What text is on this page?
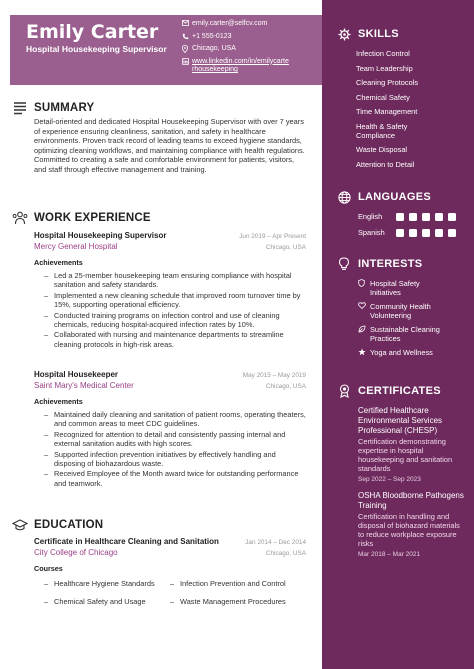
Emily Carter
Hospital Housekeeping Supervisor
emily.carter@selfcv.com
+1 555-0123
Chicago, USA
www.linkedin.com/in/emilycarte
rhousekeeping
SUMMARY
Detail-oriented and dedicated Hospital Housekeeping Supervisor with over 7 years of experience ensuring cleanliness, sanitation, and safety in healthcare environments. Proven track record of leading teams to exceed hygiene standards, optimizing cleaning workflows, and maintaining compliance with health regulations. Committed to creating a safe and comfortable environment for patients, visitors, and staff through effective management and training.
WORK EXPERIENCE
Hospital Housekeeping Supervisor	Jun 2019 – Apr Present
Mercy General Hospital	Chicago, USA
Achievements
– Led a 25-member housekeeping team ensuring compliance with hospital sanitation and safety standards.
– Implemented a new cleaning schedule that improved room turnover time by 15%, supporting operational efficiency.
– Conducted training programs on infection control and use of cleaning chemicals, reducing hospital-acquired infection rates by 10%.
– Collaborated with nursing and maintenance departments to streamline cleaning protocols in high-risk areas.
Hospital Housekeeper	May 2015 – May 2019
Saint Mary's Medical Center	Chicago, USA
Achievements
– Maintained daily cleaning and sanitation of patient rooms, operating theaters, and common areas to meet CDC guidelines.
– Recognized for attention to detail and consistently passing internal and external sanitation audits with high scores.
– Supported infection prevention initiatives by effectively handling and disposing of biohazardous waste.
– Received Employee of the Month award twice for outstanding performance and teamwork.
EDUCATION
Certificate in Healthcare Cleaning and Sanitation	Jan 2014 – Dec 2014
City College of Chicago	Chicago, USA
Courses
– Healthcare Hygiene Standards	– Infection Prevention and Control
– Chemical Safety and Usage	– Waste Management Procedures
SKILLS
Infection Control
Team Leadership
Cleaning Protocols
Chemical Safety
Time Management
Health & Safety Compliance
Waste Disposal
Attention to Detail
LANGUAGES
English
Spanish
INTERESTS
Hospital Safety Initiatives
Community Health Volunteering
Sustainable Cleaning Practices
Yoga and Wellness
CERTIFICATES
Certified Healthcare Environmental Services Professional (CHESP)
Certification demonstrating expertise in hospital housekeeping and sanitation standards
Sep 2022 – Sep 2023
OSHA Bloodborne Pathogens Training
Certification in handling and disposal of biohazard materials to reduce workplace exposure risks
Mar 2018 – Mar 2021
